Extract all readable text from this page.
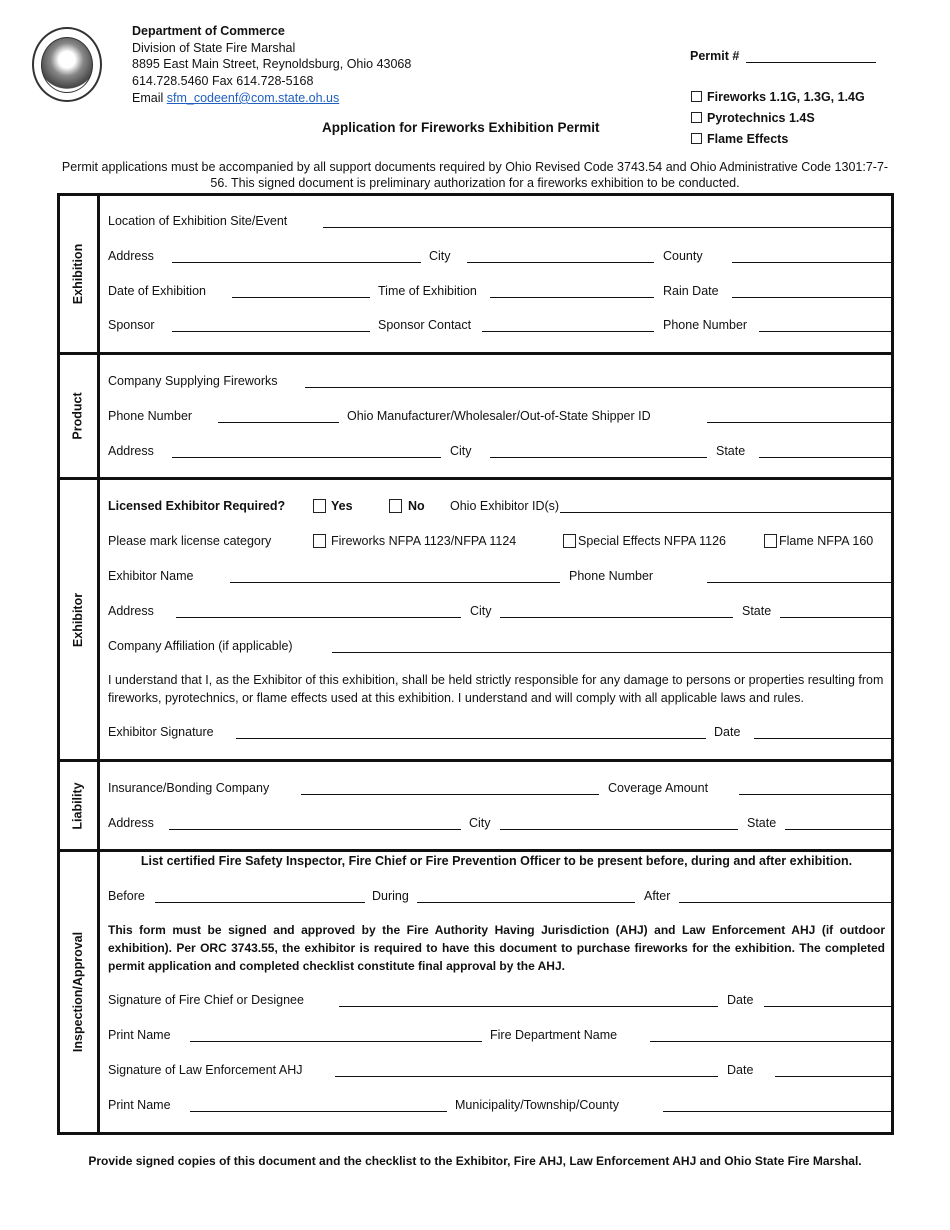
Department of Commerce
Division of State Fire Marshal
8895 East Main Street, Reynoldsburg, Ohio 43068
614.728.5460 Fax 614.728-5168
Email sfm_codeenf@com.state.oh.us
Permit #
Fireworks 1.1G, 1.3G, 1.4G
Pyrotechnics 1.4S
Flame Effects
Application for Fireworks Exhibition Permit
Permit applications must be accompanied by all support documents required by Ohio Revised Code 3743.54 and Ohio Administrative Code 1301:7-7-56. This signed document is preliminary authorization for a fireworks exhibition to be conducted.
Exhibition
Product
Exhibitor
Liability
Inspection/Approval
Location of Exhibition Site/Event
Address	City	County
Date of Exhibition	Time of Exhibition	Rain Date
Sponsor	Sponsor Contact	Phone Number
Company Supplying Fireworks
Phone Number	Ohio Manufacturer/Wholesaler/Out-of-State Shipper ID
Address	City	State
Licensed Exhibitor Required?	Yes	No Ohio Exhibitor ID(s)
Please mark license category	Fireworks NFPA 1123/NFPA 1124	Special Effects NFPA 1126	Flame NFPA 160
Exhibitor Name	Phone Number
Address	City	State
Company Affiliation (if applicable)
I understand that I, as the Exhibitor of this exhibition, shall be held strictly responsible for any damage to persons or properties resulting from fireworks, pyrotechnics, or flame effects used at this exhibition. I understand and will comply with all applicable laws and rules.
Exhibitor Signature	Date
Insurance/Bonding Company	Coverage Amount
Address	City	State
List certified Fire Safety Inspector, Fire Chief or Fire Prevention Officer to be present before, during and after exhibition.
Before	During	After
This form must be signed and approved by the Fire Authority Having Jurisdiction (AHJ) and Law Enforcement AHJ (if outdoor exhibition). Per ORC 3743.55, the exhibitor is required to have this document to purchase fireworks for the exhibition. The completed permit application and completed checklist constitute final approval by the AHJ.
Signature of Fire Chief or Designee	Date
Print Name	Fire Department Name
Signature of Law Enforcement AHJ	Date
Print Name	Municipality/Township/County
Provide signed copies of this document and the checklist to the Exhibitor, Fire AHJ, Law Enforcement AHJ and Ohio State Fire Marshal.
